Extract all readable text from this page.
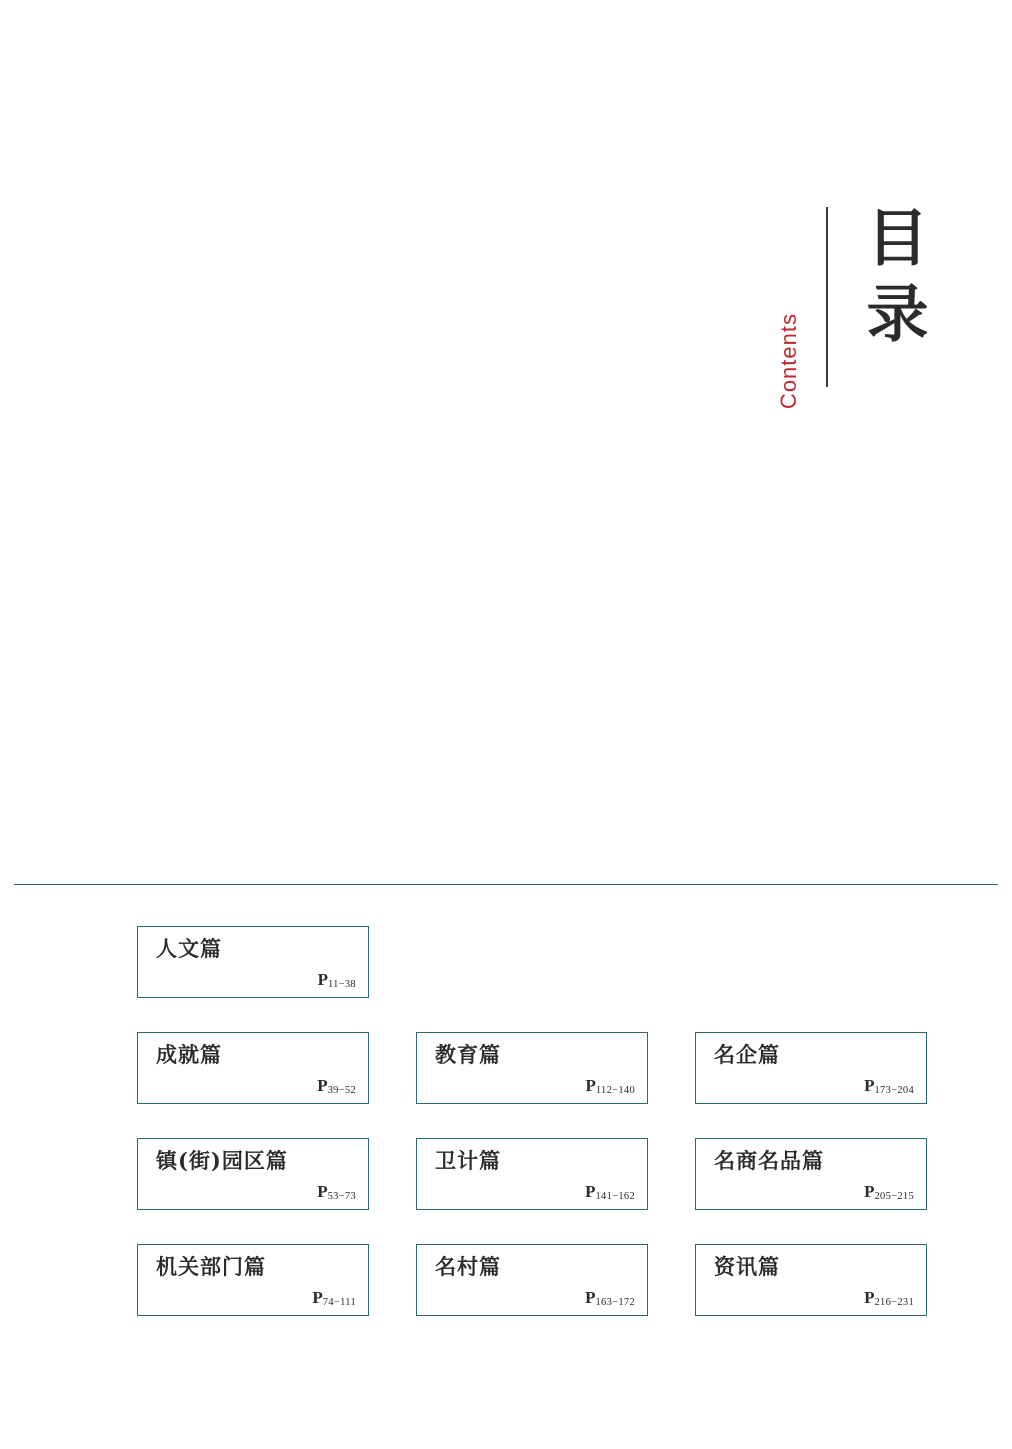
Contents
目录
人文篇
P11−38
成就篇
P39−52
镇(街)园区篇
P53−73
机关部门篇
P74−111
教育篇
P112−140
卫计篇
P141−162
名村篇
P163−172
名企篇
P173−204
名商名品篇
P205−215
资讯篇
P216−231
